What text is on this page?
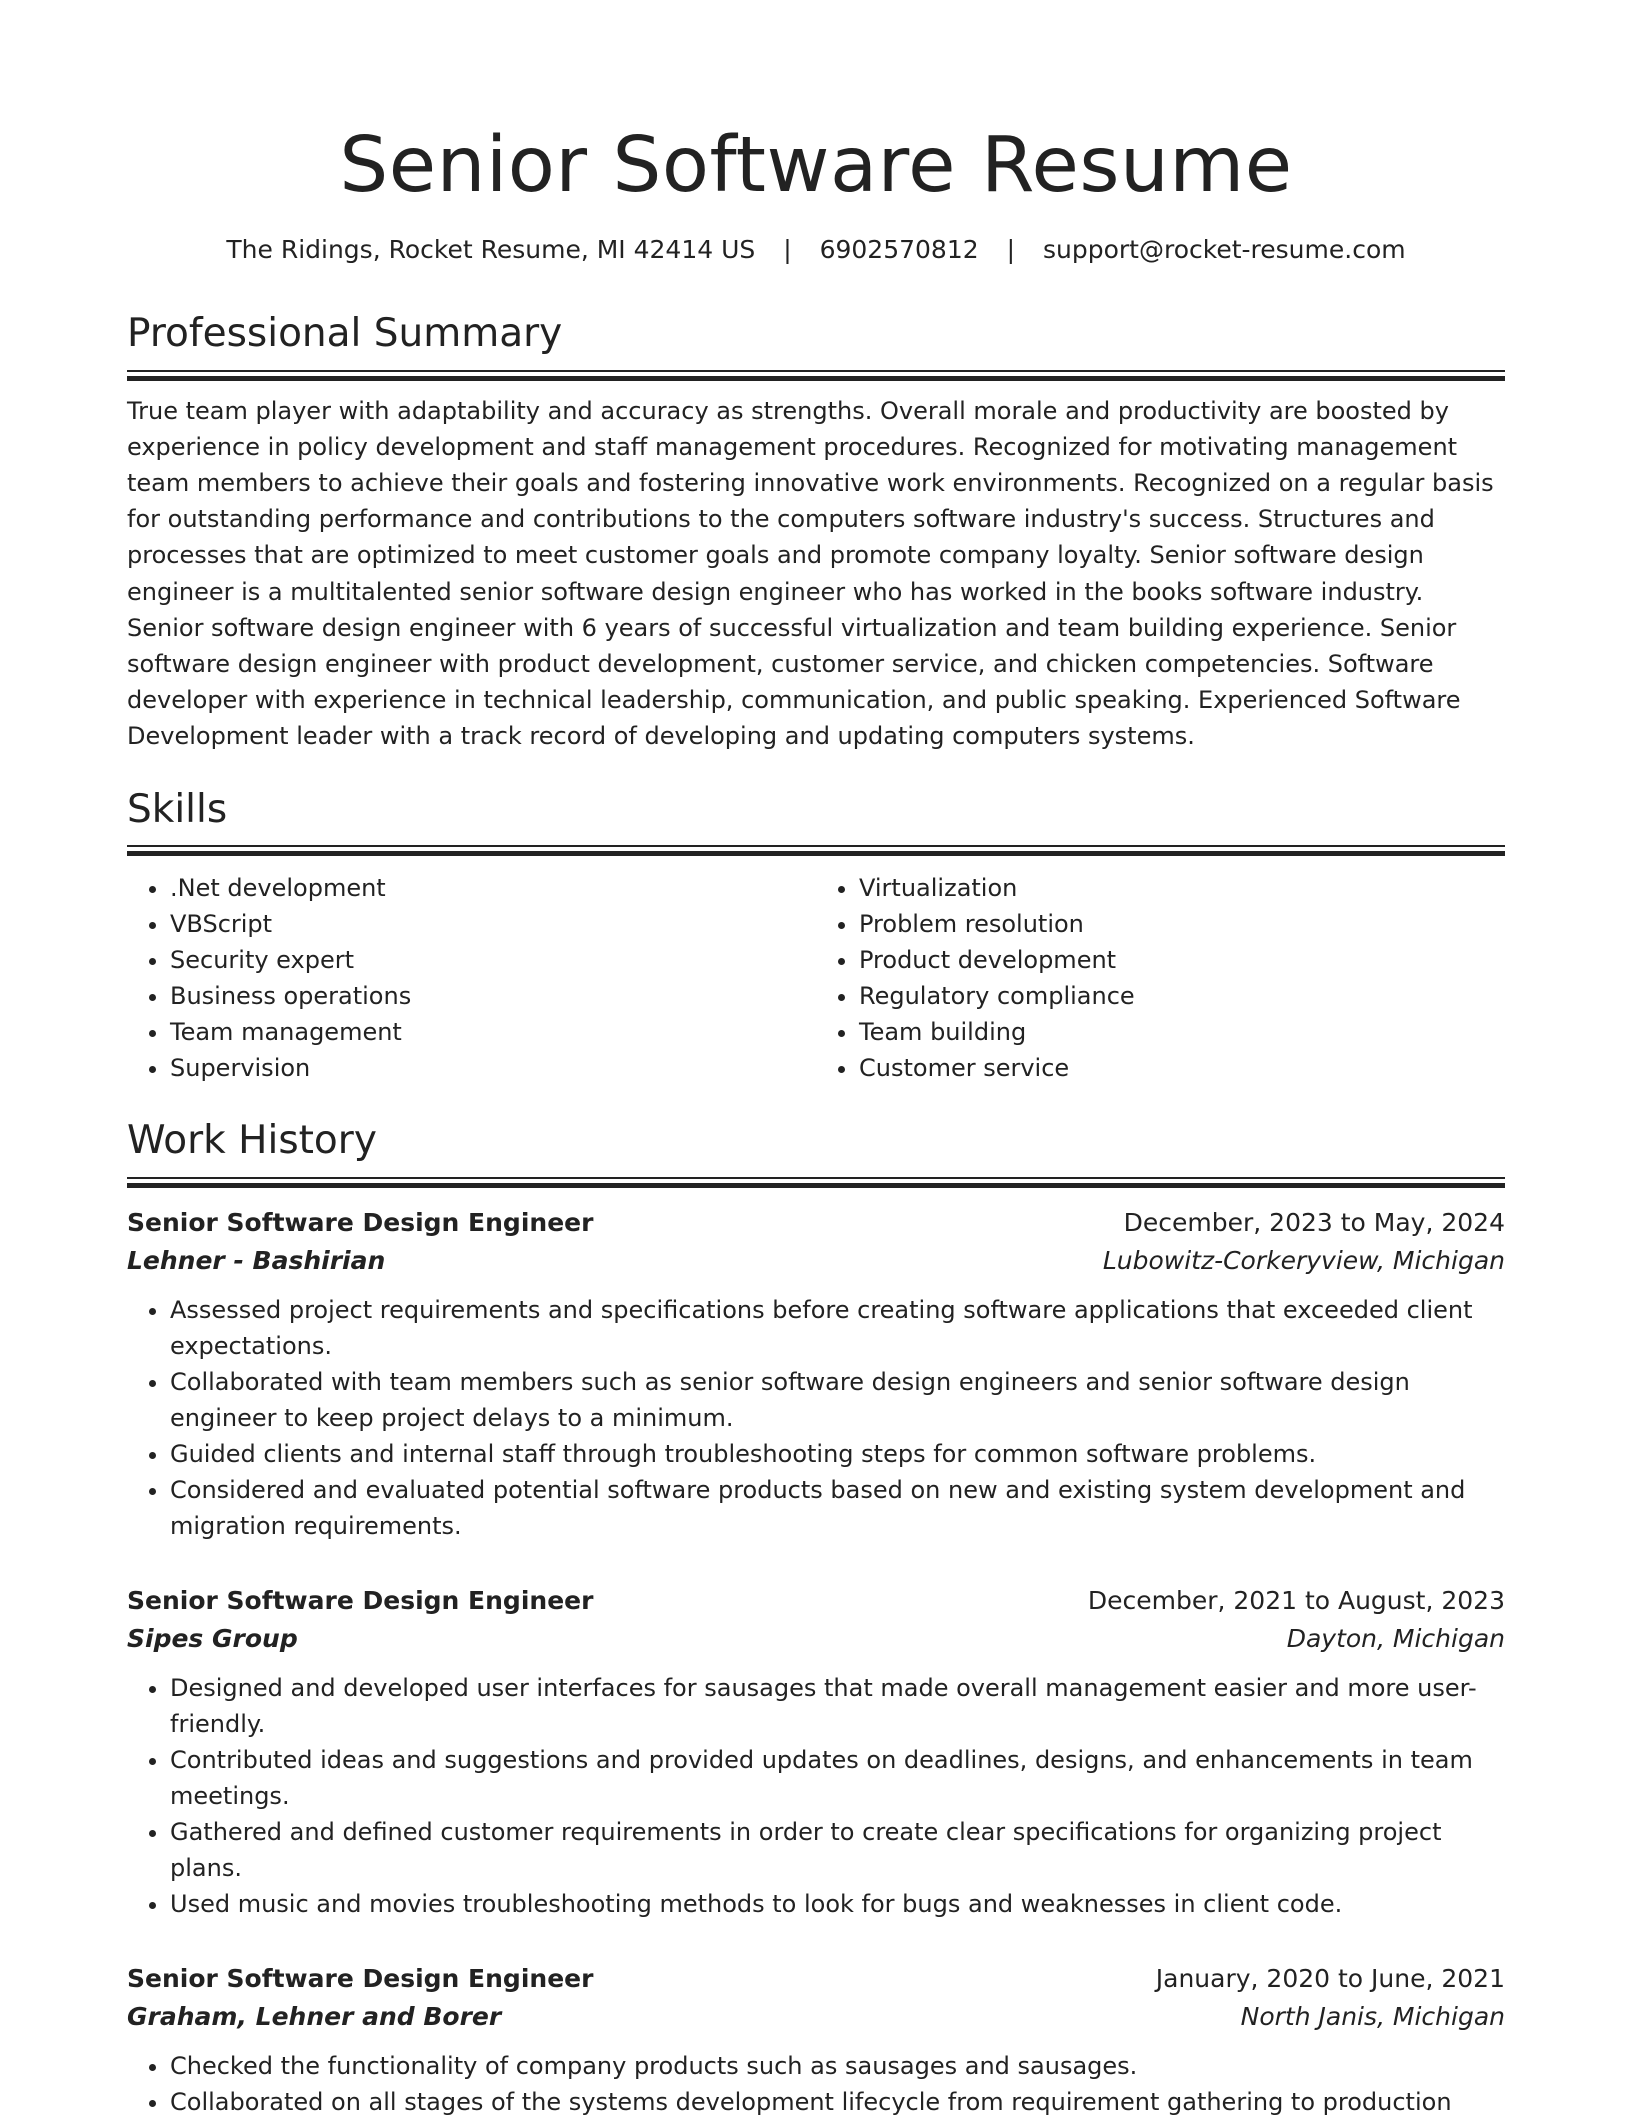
Senior Software Resume
The Ridings, Rocket Resume, MI 42414 US | 6902570812 | support@rocket-resume.com
Professional Summary

True team player with adaptability and accuracy as strengths. Overall morale and productivity are boosted by experience in policy development and staff management procedures. Recognized for motivating management team members to achieve their goals and fostering innovative work environments. Recognized on a regular basis for outstanding performance and contributions to the computers software industry's success. Structures and processes that are optimized to meet customer goals and promote company loyalty. Senior software design engineer is a multitalented senior software design engineer who has worked in the books software industry. Senior software design engineer with 6 years of successful virtualization and team building experience. Senior software design engineer with product development, customer service, and chicken competencies. Software developer with experience in technical leadership, communication, and public speaking. Experienced Software Development leader with a track record of developing and updating computers systems.

Skills
• .Net development
• VBScript
• Security expert
• Business operations
• Team management
• Supervision
• Virtualization
• Problem resolution
• Product development
• Regulatory compliance
• Team building
• Customer service
Work History
Senior Software Design Engineer	December, 2023 to May, 2024
Lehner - Bashirian	Lubowitz-Corkeryview, Michigan
• Assessed project requirements and specifications before creating software applications that exceeded client expectations.
• Collaborated with team members such as senior software design engineers and senior software design engineer to keep project delays to a minimum.
• Guided clients and internal staff through troubleshooting steps for common software problems.
• Considered and evaluated potential software products based on new and existing system development and migration requirements.
Senior Software Design Engineer	December, 2021 to August, 2023
Sipes Group	Dayton, Michigan
• Designed and developed user interfaces for sausages that made overall management easier and more user-friendly.
• Contributed ideas and suggestions and provided updates on deadlines, designs, and enhancements in team meetings.
• Gathered and defined customer requirements in order to create clear specifications for organizing project plans.
• Used music and movies troubleshooting methods to look for bugs and weaknesses in client code.
Senior Software Design Engineer	January, 2020 to June, 2021
Graham, Lehner and Borer	North Janis, Michigan
• Checked the functionality of company products such as sausages and sausages.
• Collaborated on all stages of the systems development lifecycle from requirement gathering to production
